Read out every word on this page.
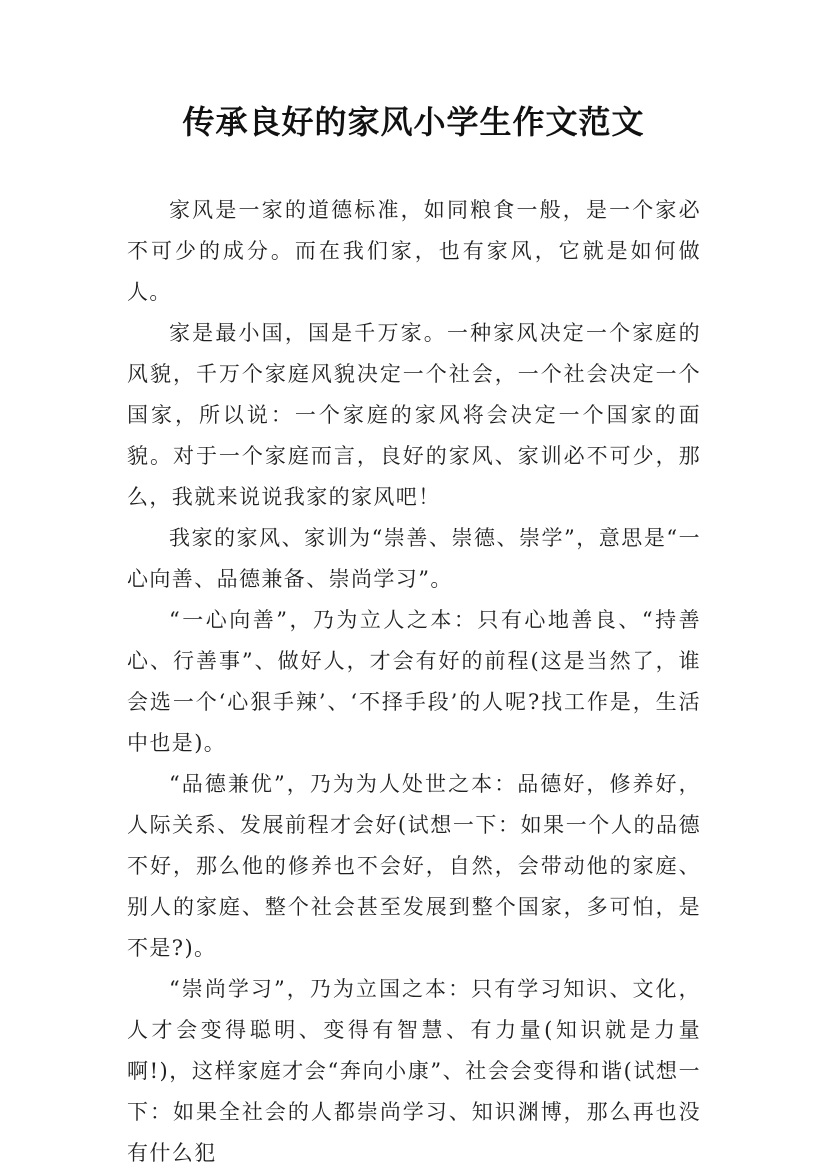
传承良好的家风小学生作文范文

家风是一家的道德标准，如同粮食一般，是一个家必不可少的成分。而在我们家，也有家风，它就是如何做人。

家是最小国，国是千万家。一种家风决定一个家庭的风貌，千万个家庭风貌决定一个社会，一个社会决定一个国家，所以说：一个家庭的家风将会决定一个国家的面貌。对于一个家庭而言，良好的家风、家训必不可少，那么，我就来说说我家的家风吧！

我家的家风、家训为“崇善、崇德、崇学”，意思是“一心向善、品德兼备、崇尚学习”。

“一心向善”，乃为立人之本：只有心地善良、“持善心、行善事”、做好人，才会有好的前程(这是当然了，谁会选一个‘心狠手辣’、‘不择手段’的人呢?找工作是，生活中也是)。

“品德兼优”，乃为为人处世之本：品德好，修养好，人际关系、发展前程才会好(试想一下：如果一个人的品德不好，那么他的修养也不会好，自然，会带动他的家庭、别人的家庭、整个社会甚至发展到整个国家，多可怕，是不是?)。

“崇尚学习”，乃为立国之本：只有学习知识、文化，人才会变得聪明、变得有智慧、有力量(知识就是力量啊!)，这样家庭才会“奔向小康”、社会会变得和谐(试想一下：如果全社会的人都崇尚学习、知识渊博，那么再也没有什么犯
